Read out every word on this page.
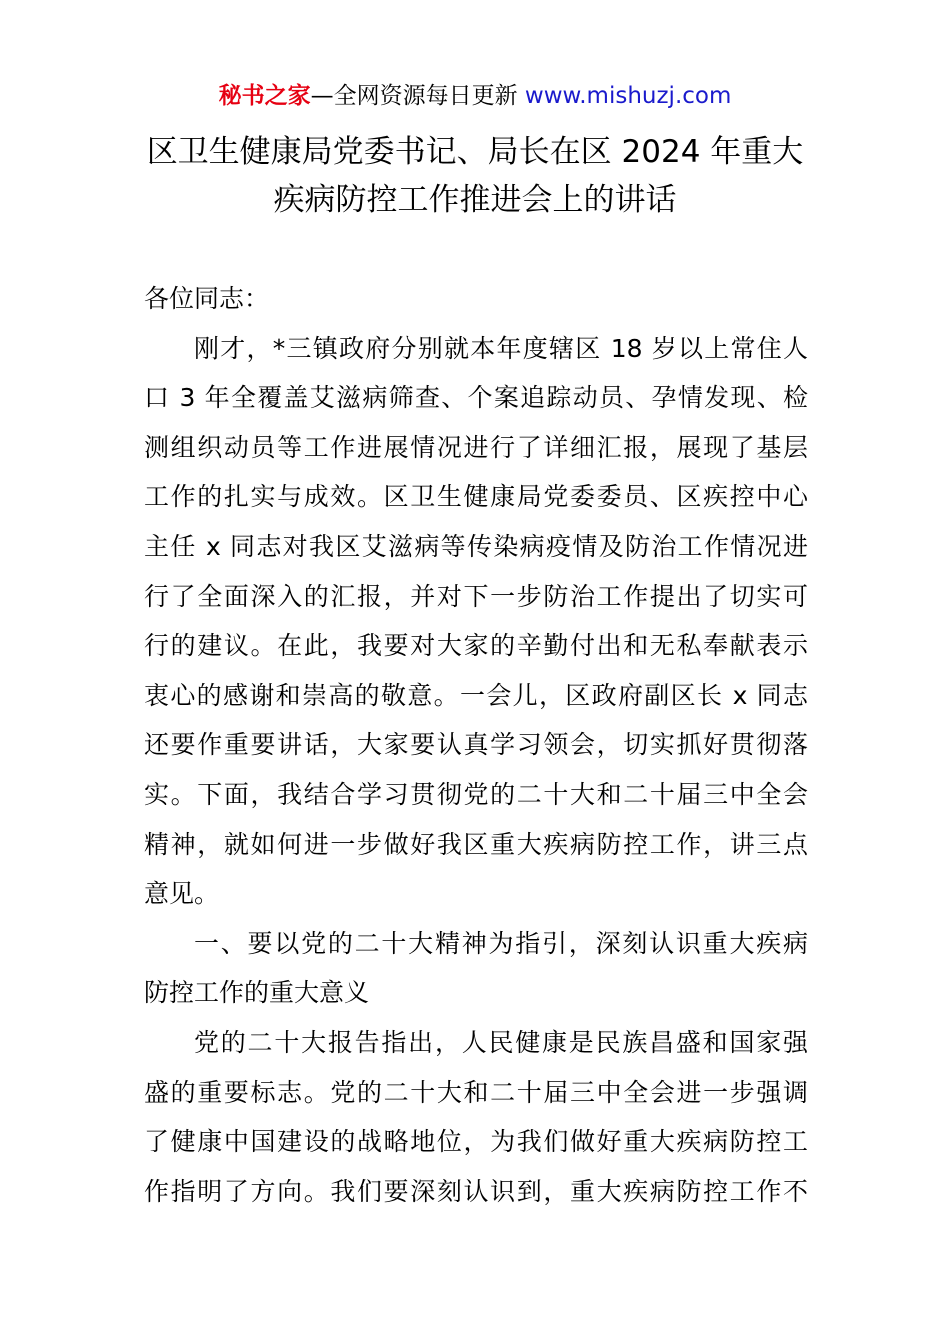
秘书之家—全网资源每日更新 www.mishuzj.com
区卫生健康局党委书记、局长在区 2024 年重大
疾病防控工作推进会上的讲话

各位同志：

刚才，*三镇政府分别就本年度辖区 18 岁以上常住人
口 3 年全覆盖艾滋病筛查、个案追踪动员、孕情发现、检
测组织动员等工作进展情况进行了详细汇报，展现了基层
工作的扎实与成效。区卫生健康局党委委员、区疾控中心
主任 x 同志对我区艾滋病等传染病疫情及防治工作情况进
行了全面深入的汇报，并对下一步防治工作提出了切实可
行的建议。在此，我要对大家的辛勤付出和无私奉献表示
衷心的感谢和崇高的敬意。一会儿，区政府副区长 x 同志
还要作重要讲话，大家要认真学习领会，切实抓好贯彻落
实。下面，我结合学习贯彻党的二十大和二十届三中全会
精神，就如何进一步做好我区重大疾病防控工作，讲三点
意见。
一、要以党的二十大精神为指引，深刻认识重大疾病
防控工作的重大意义
党的二十大报告指出，人民健康是民族昌盛和国家强
盛的重要标志。党的二十大和二十届三中全会进一步强调
了健康中国建设的战略地位，为我们做好重大疾病防控工
作指明了方向。我们要深刻认识到，重大疾病防控工作不
